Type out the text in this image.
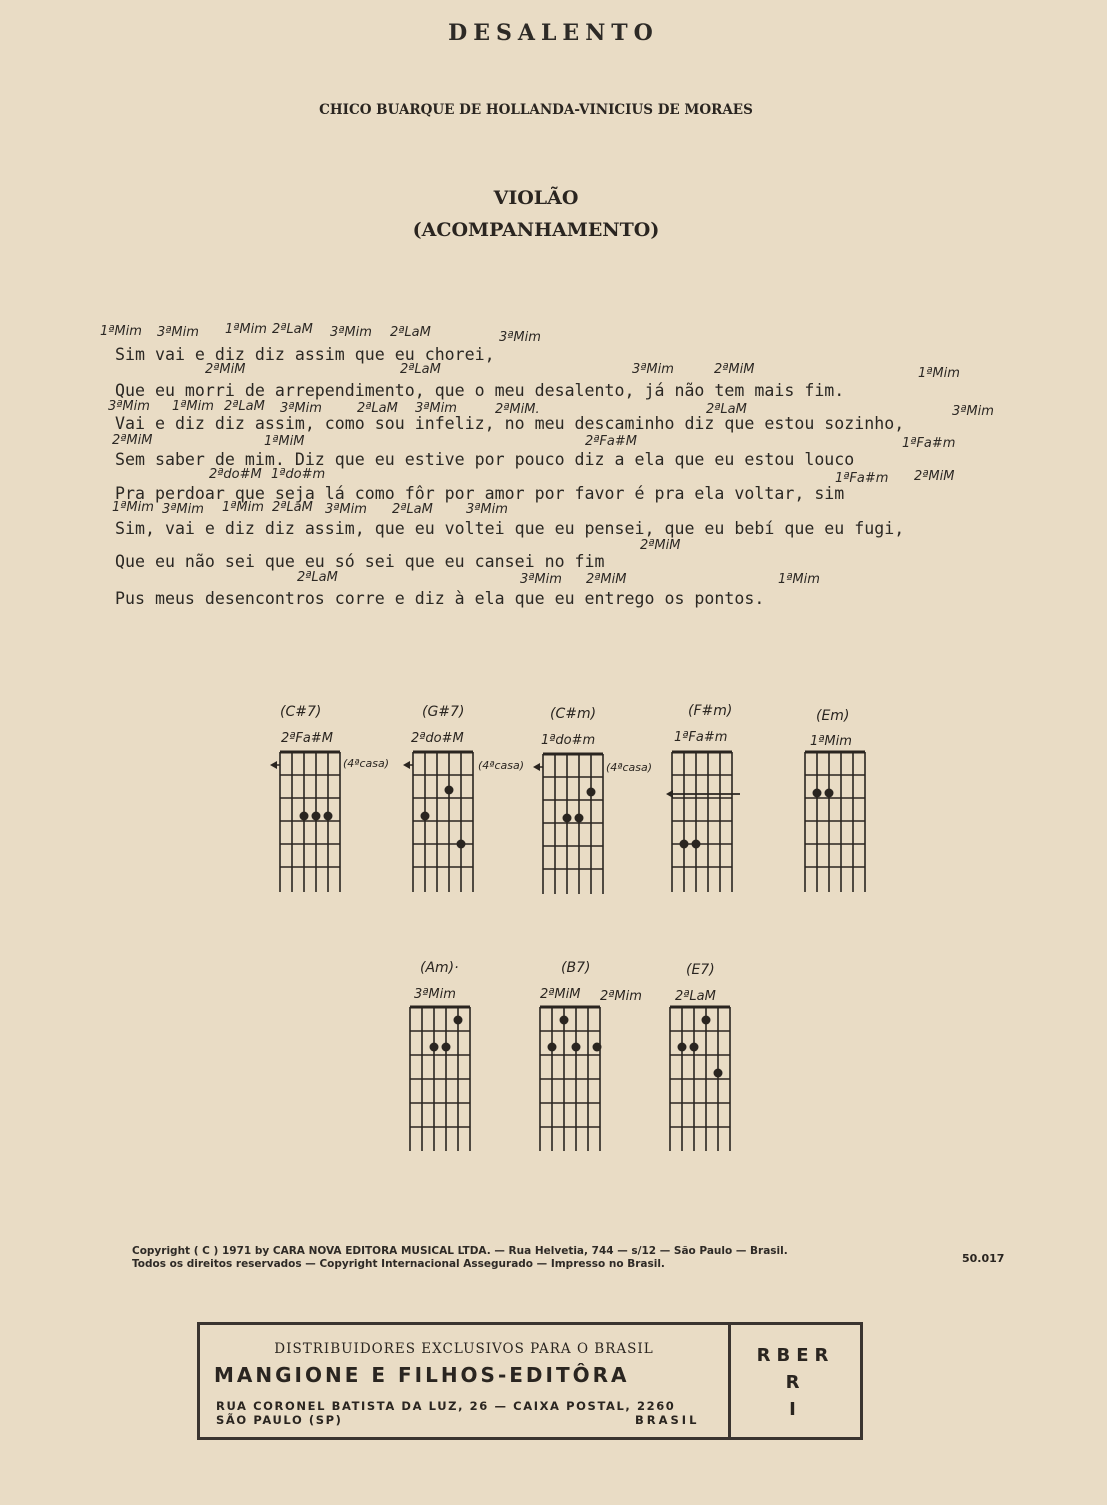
DESALENTO
CHICO BUARQUE DE HOLLANDA-VINICIUS DE MORAES
VIOLÃO
(ACOMPANHAMENTO)
1ªMim 3ªMim 1ªMim 2ªLaM 3ªMim 2ªLaM	3ªMim
2ªMiM	2ªLaM	3ªMim	2ªMiM	1ªMim
3ªMim 1ªMim 2ªLaM 3ªMim	2ªLaM 3ªMim	2ªMiM.	2ªLaM	3ªMim
2ªMiM	1ªMiM	2ªFa#M	1ªFa#m
2ªdo#M 1ªdo#m	1ªFa#m 2ªMiM
1ªMim 3ªMim 1ªMim 2ªLaM 3ªMim 2ªLaM	3ªMim
2ªMiM
2ªLaM	3ªMim 2ªMiM	1ªMim
Sim vai e diz diz assim que eu chorei,
Que eu morri de arrependimento, que o meu desalento, já não tem mais fim.
Vai e diz diz assim, como sou infeliz, no meu descaminho diz que estou sozinho,
Sem saber de mim. Diz que eu estive por pouco diz a ela que eu estou louco
Pra perdoar que seja lá como fôr por amor por favor é pra ela voltar, sim
Sim, vai e diz diz assim, que eu voltei que eu pensei, que eu bebí que eu fugi,
Que eu não sei que eu só sei que eu cansei no fim
Pus meus desencontros corre e diz à ela que eu entrego os pontos.
(C#7)
2ªFa#M
(4ªcasa)
(G#7)
2ªdo#M
(4ªcasa)
(C#m)
1ªdo#m
(4ªcasa)
(F#m)
1ªFa#m
(Em)
1ªMim
(Am)·
3ªMim
(B7)
2ªMiM 2ªMim
(E7)
2ªLaM
Copyright ( C ) 1971 by CARA NOVA EDITORA MUSICAL LTDA. — Rua Helvetia, 744 — s/12 — São Paulo — Brasil.
Todos os direitos reservados — Copyright Internacional Assegurado — Impresso no Brasil.	50.017
DISTRIBUIDORES EXCLUSIVOS PARA O BRASIL
MANGIONE E FILHOS-EDITÔRA
RUA CORONEL BATISTA DA LUZ, 26 — CAIXA POSTAL, 2260
SÃO PAULO (SP)	BRASIL
RBER
R
I
